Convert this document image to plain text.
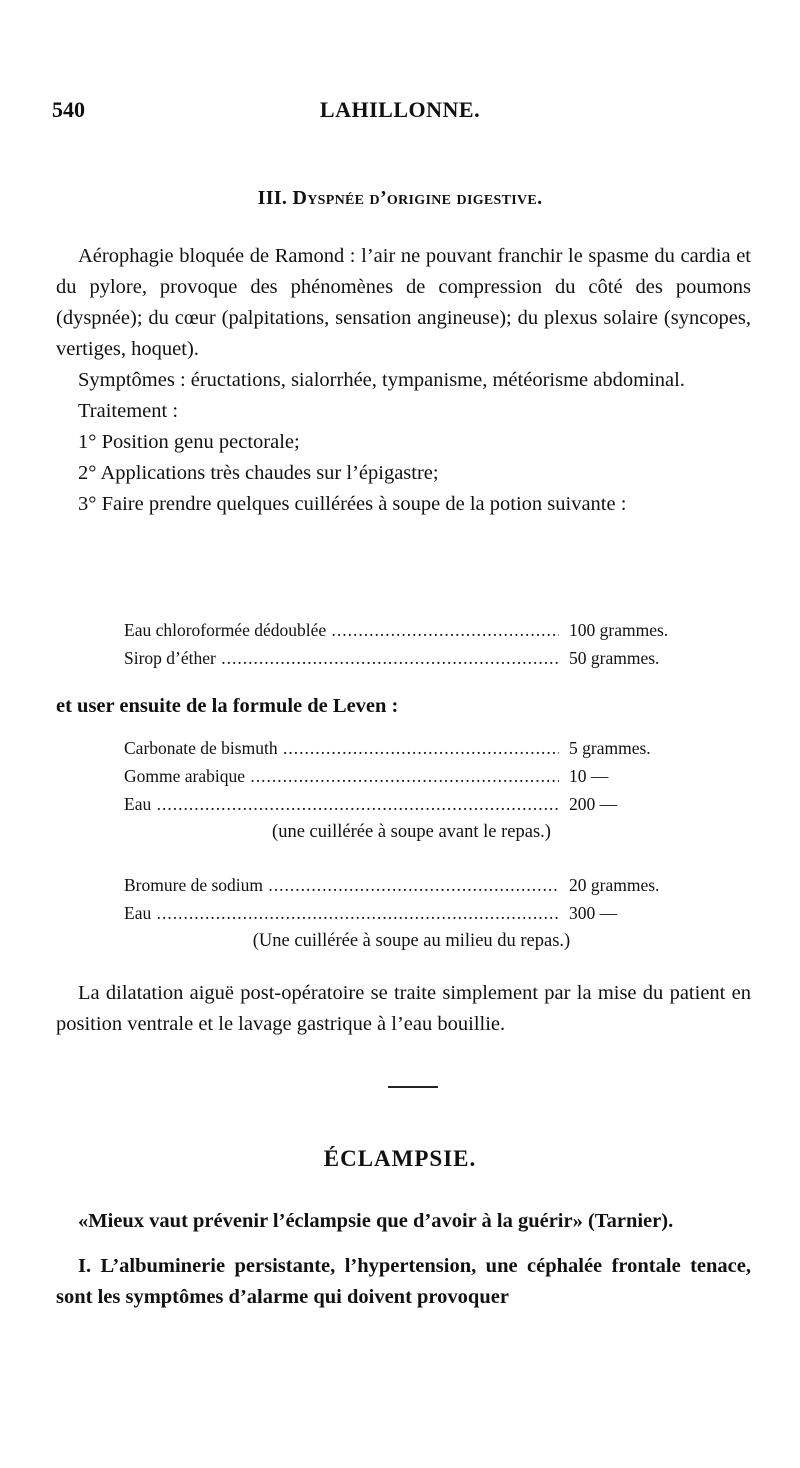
540	LAHILLONNE.
III. Dyspnée d’origine digestive.

Aérophagie bloquée de Ramond : l’air ne pouvant franchir le spasme du cardia et du pylore, provoque des phénomènes de compression du côté des poumons (dyspnée); du cœur (palpitations, sensation angineuse); du plexus solaire (syncopes, vertiges, hoquet).

Symptômes : éructations, sialorrhée, tympanisme, météorisme abdominal.

Traitement :

1° Position genu pectorale;

2° Applications très chaudes sur l’épigastre;

3° Faire prendre quelques cuillérées à soupe de la potion suivante :

Eau chloroformée dédoublée .....	100 grammes.
Sirop d’éther .....	50 grammes.

et user ensuite de la formule de Leven :

Carbonate de bismuth .....	5 grammes.
Gomme arabique .....	10 —
Eau .....	200 —
(une cuillérée à soupe avant le repas.)
Bromure de sodium .....	20 grammes.
Eau .....	300 —
(Une cuillérée à soupe au milieu du repas.)

La dilatation aiguë post-opératoire se traite simplement par la mise du patient en position ventrale et le lavage gastrique à l’eau bouillie.

ÉCLAMPSIE.

«Mieux vaut prévenir l’éclampsie que d’avoir à la guérir» (Tarnier).

I. L’albuminerie persistante, l’hypertension, une céphalée frontale tenace, sont les symptômes d’alarme qui doivent provoquer
